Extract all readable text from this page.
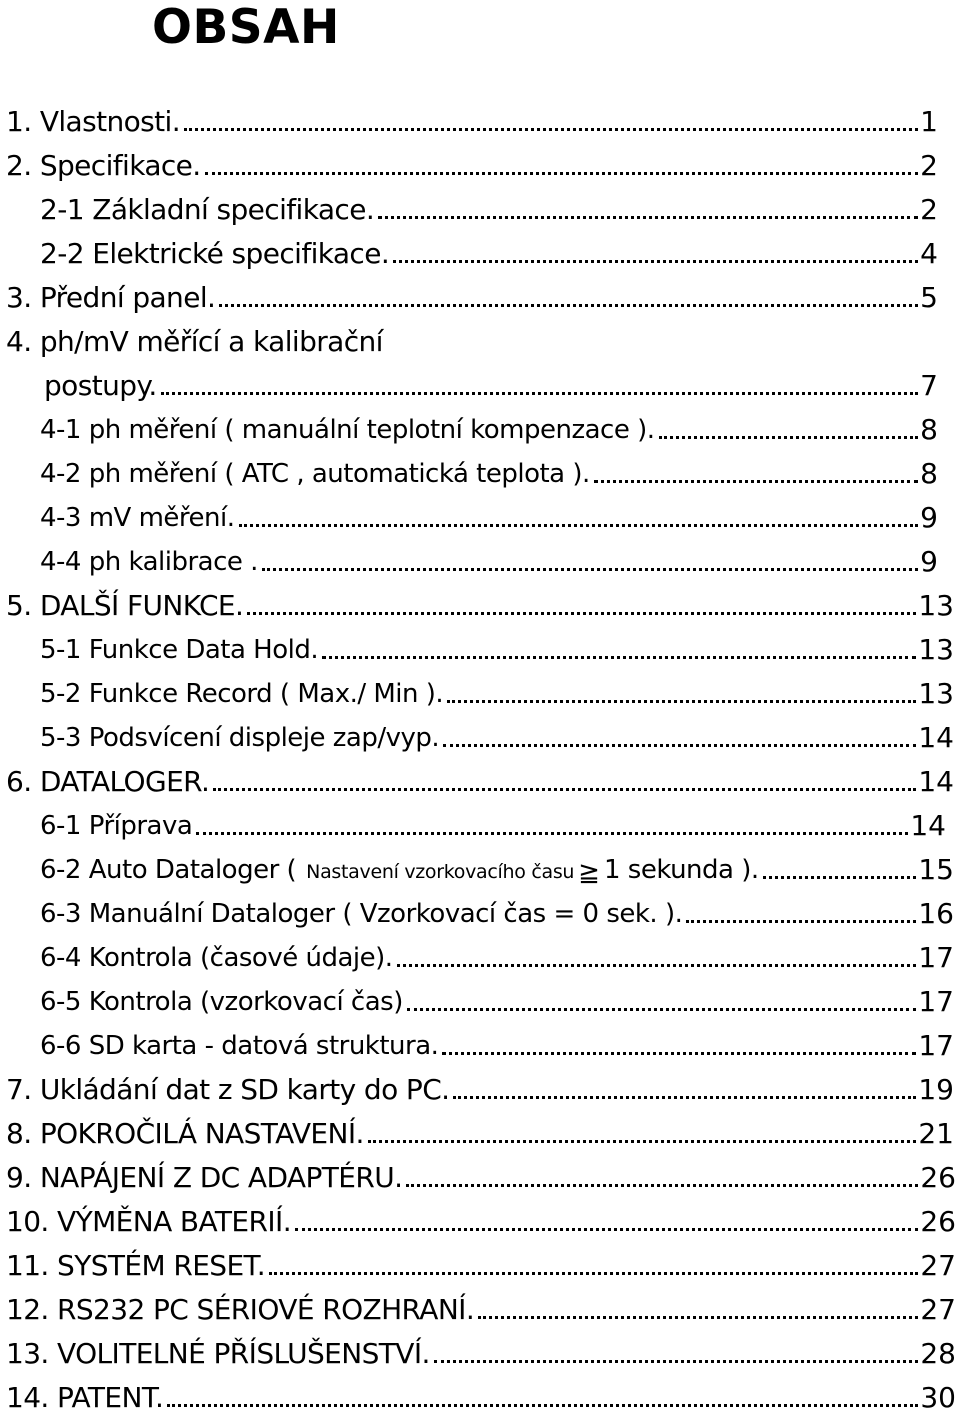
OBSAH
1. Vlastnosti.	1
2. Specifikace.	2
2-1 Základní specifikace.	2
2-2 Elektrické specifikace.	4
3. Přední panel.	5
4. ph/mV měřící a kalibrační
postupy.	7
4-1 ph měření ( manuální teplotní kompenzace ).	8
4-2 ph měření ( ATC , automatická teplota ).	8
4-3 mV měření.	9
4-4 ph kalibrace .	9
5. DALŠÍ FUNKCE.	13
5-1 Funkce Data Hold.	13
5-2 Funkce Record ( Max./ Min ).	13
5-3 Podsvícení displeje zap/vyp.	14
6. DATALOGER.	14
6-1 Příprava	14
6-2 Auto Dataloger ( Nastavení vzorkovacího času ≧ 1 sekunda ).	15
6-3 Manuální Dataloger ( Vzorkovací čas = 0 sek. ).	16
6-4 Kontrola (časové údaje).	17
6-5 Kontrola (vzorkovací čas)	17
6-6 SD karta - datová struktura.	17
7. Ukládání dat z SD karty do PC.	19
8. POKROČILÁ NASTAVENÍ.	21
9. NAPÁJENÍ Z DC ADAPTÉRU.	26
10. VÝMĚNA BATERIÍ.	26
11. SYSTÉM RESET.	27
12. RS232 PC SÉRIOVÉ ROZHRANÍ.	27
13. VOLITELNÉ PŘÍSLUŠENSTVÍ.	28
14. PATENT.	30
